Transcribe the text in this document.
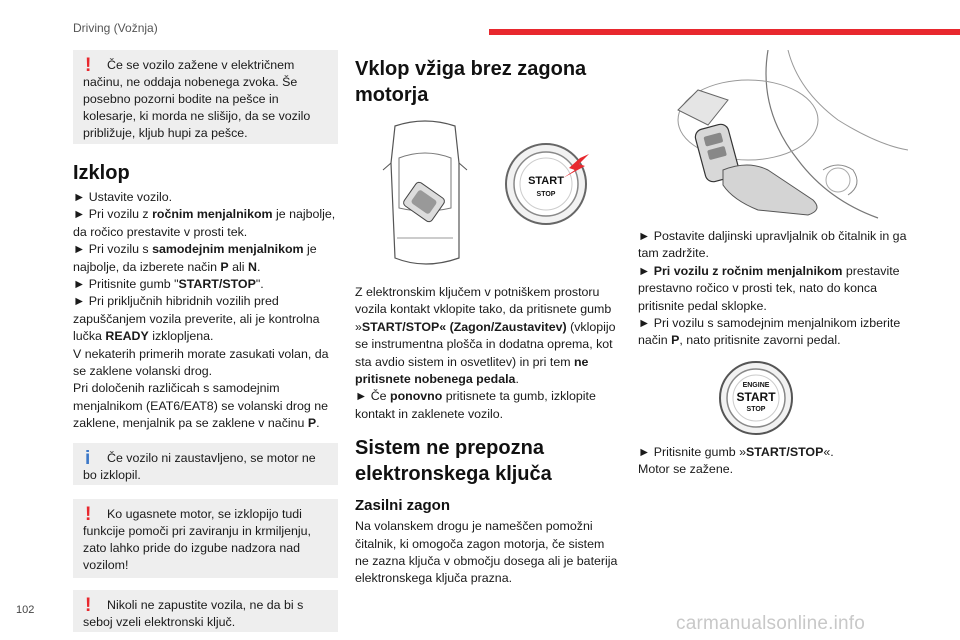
Driving (Vožnja)
!	Če se vozilo zažene v električnem načinu, ne oddaja nobenega zvoka. Še posebno pozorni bodite na pešce in kolesarje, ki morda ne slišijo, da se vozilo približuje, kljub hupi za pešce.
Izklop
► Ustavite vozilo.
► Pri vozilu z ročnim menjalnikom je najbolje, da ročico prestavite v prosti tek.
► Pri vozilu s samodejnim menjalnikom je najbolje, da izberete način P ali N.
► Pritisnite gumb "START/STOP".
► Pri priključnih hibridnih vozilih pred zapuščanjem vozila preverite, ali je kontrolna lučka READY izklopljena.
V nekaterih primerih morate zasukati volan, da se zaklene volanski drog.
Pri določenih različicah s samodejnim menjalnikom (EAT6/EAT8) se volanski drog ne zaklene, menjalnik pa se zaklene v načinu P.
i	Če vozilo ni zaustavljeno, se motor ne bo izklopil.
!	Ko ugasnete motor, se izklopijo tudi funkcije pomoči pri zaviranju in krmiljenju, zato lahko pride do izgube nadzora nad vozilom!
!	Nikoli ne zapustite vozila, ne da bi s seboj vzeli elektronski ključ.
Vklop vžiga brez zagona motorja
START
STOP
Z elektronskim ključem v potniškem prostoru vozila kontakt vklopite tako, da pritisnete gumb »START/STOP« (Zagon/Zaustavitev) (vklopijo se instrumentna plošča in dodatna oprema, kot sta avdio sistem in osvetlitev) in pri tem ne pritisnete nobenega pedala.
► Če ponovno pritisnete ta gumb, izklopite kontakt in zaklenete vozilo.
Sistem ne prepozna elektronskega ključa
Zasilni zagon
Na volanskem drogu je nameščen pomožni čitalnik, ki omogoča zagon motorja, če sistem ne zazna ključa v območju dosega ali je baterija elektronskega ključa prazna.
► Postavite daljinski upravljalnik ob čitalnik in ga tam zadržite.
► Pri vozilu z ročnim menjalnikom prestavite prestavno ročico v prosti tek, nato do konca pritisnite pedal sklopke.
► Pri vozilu s samodejnim menjalnikom izberite način P, nato pritisnite zavorni pedal.
ENGINE
START
STOP
► Pritisnite gumb »START/STOP«.
Motor se zažene.
102
carmanualsonline.info
